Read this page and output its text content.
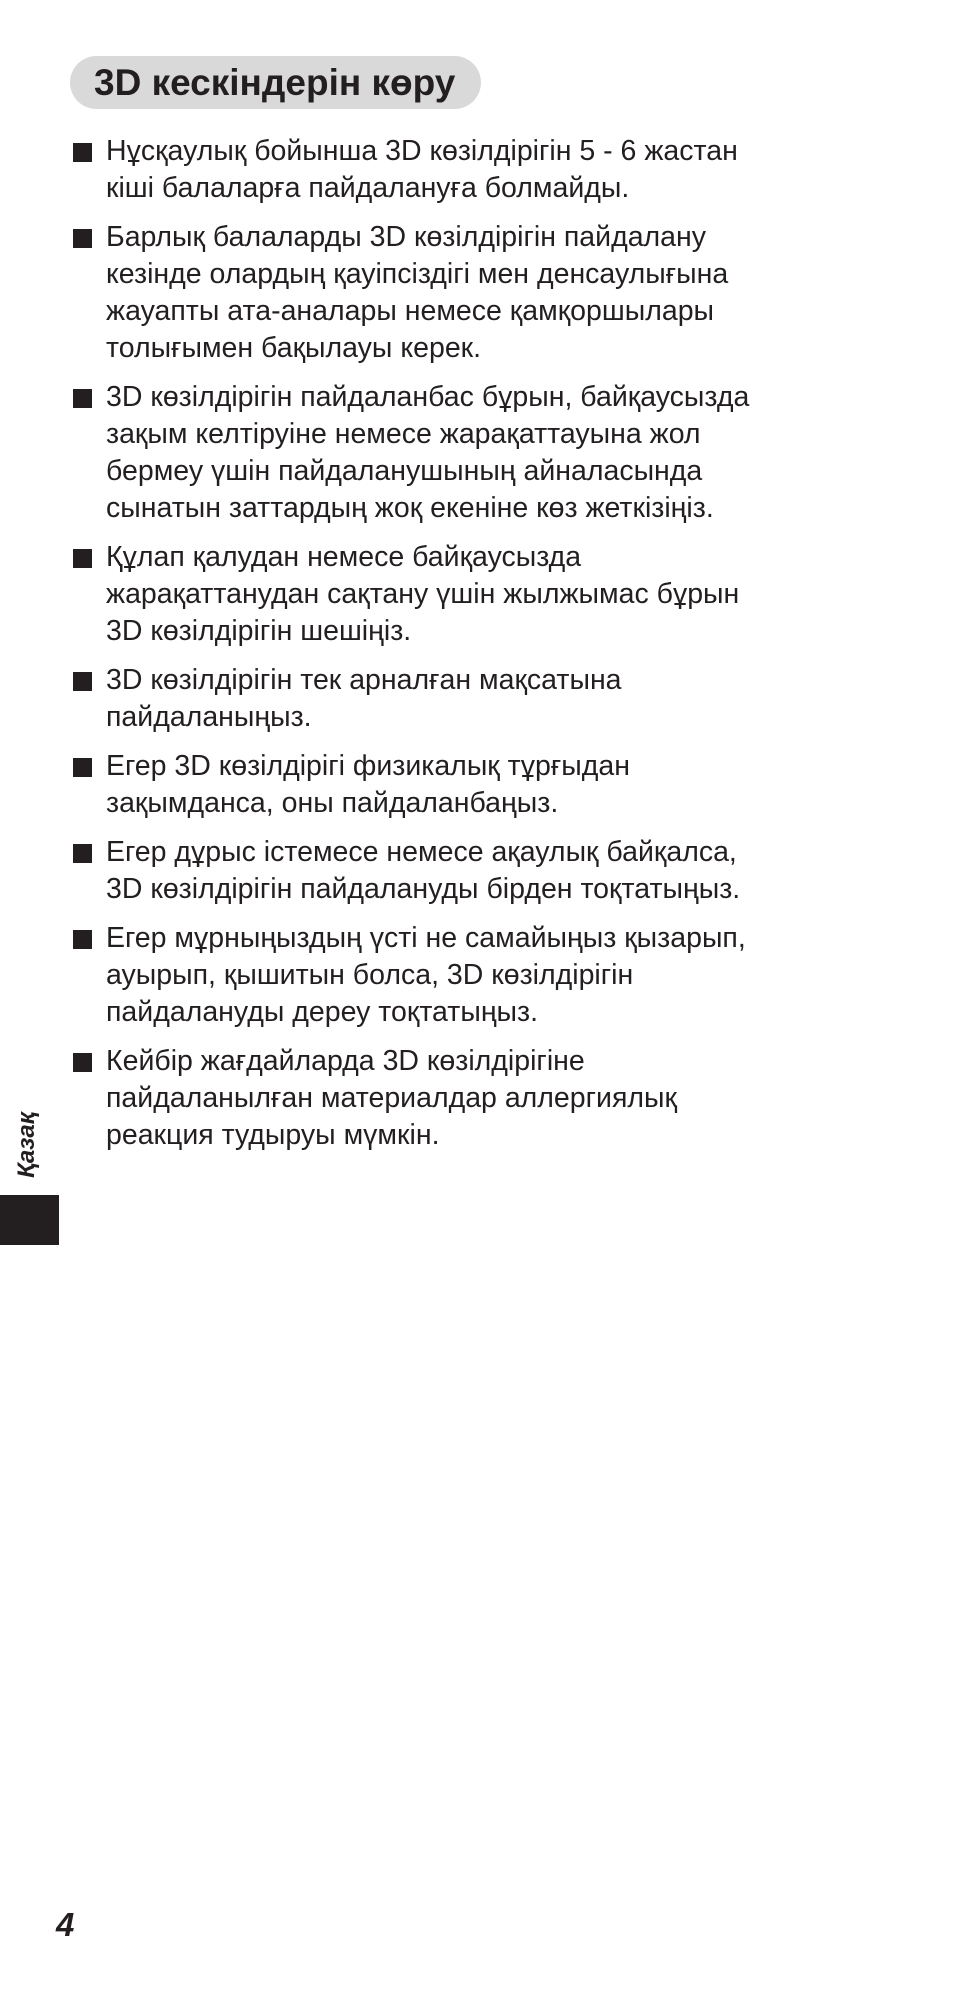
3D кескіндерін көру
Нұсқаулық бойынша 3D көзілдірігін 5 - 6 жастан
кіші балаларға пайдалануға болмайды.
Барлық балаларды 3D көзілдірігін пайдалану
кезінде олардың қауіпсіздігі мен денсаулығына
жауапты ата-аналары немесе қамқоршылары
толығымен бақылауы керек.
3D көзілдірігін пайдаланбас бұрын, байқаусызда
зақым келтіруіне немесе жарақаттауына жол
бермеу үшін пайдаланушының айналасында
сынатын заттардың жоқ екеніне көз жеткізіңіз.
Құлап қалудан немесе байқаусызда
жарақаттанудан сақтану үшін жылжымас бұрын
3D көзілдірігін шешіңіз.
3D көзілдірігін тек арналған мақсатына
пайдаланыңыз.
Егер 3D көзілдірігі физикалық тұрғыдан
зақымданса, оны пайдаланбаңыз.
Егер дұрыс істемесе немесе ақаулық байқалса,
3D көзілдірігін пайдалануды бірден тоқтатыңыз.
Егер мұрныңыздың үсті не самайыңыз қызарып,
ауырып, қышитын болса, 3D көзілдірігін
пайдалануды дереу тоқтатыңыз.
Кейбір жағдайларда 3D көзілдірігіне
пайдаланылған материалдар аллергиялық
реакция тудыруы мүмкін.
Қазақ
4
